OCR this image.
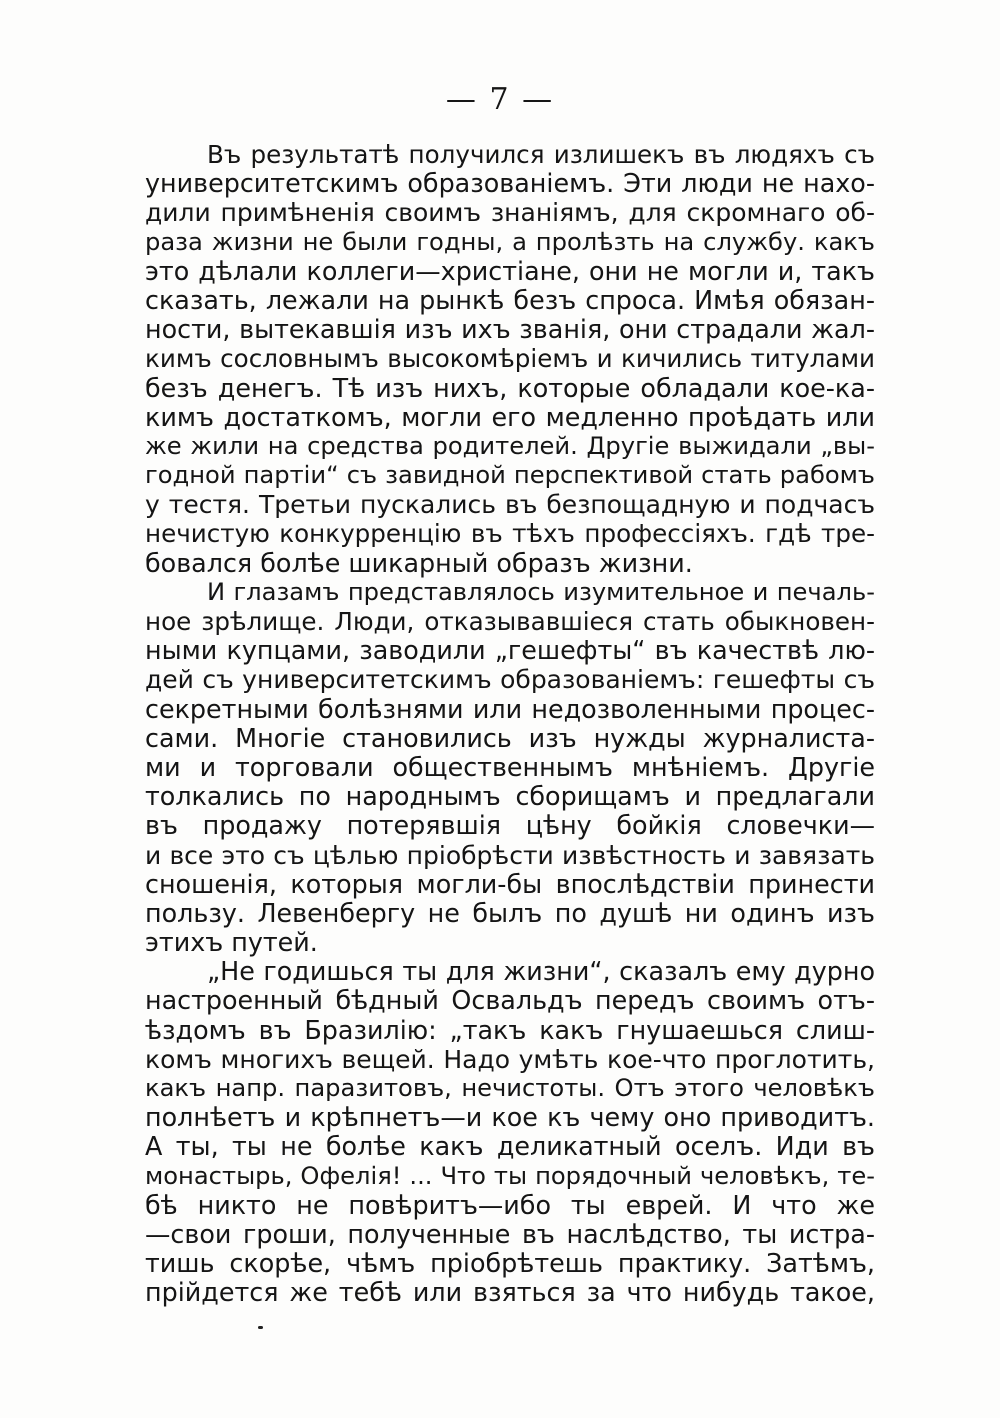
— 7 —
Въ результатѣ получился излишекъ въ людяхъ съ
университетскимъ образованіемъ. Эти люди не нахо-
дили примѣненія своимъ знаніямъ, для скромнаго об-
раза жизни не были годны, а пролѣзть на службу. какъ
это дѣлали коллеги—христіане, они не могли и, такъ
сказать, лежали на рынкѣ безъ спроса. Имѣя обязан-
ности, вытекавшія изъ ихъ званія, они страдали жал-
кимъ сословнымъ высокомѣріемъ и кичились титулами
безъ денегъ. Тѣ изъ нихъ, которые обладали кое-ка-
кимъ достаткомъ, могли его медленно проѣдать или
же жили на средства родителей. Другіе выжидали „вы-
годной партіи“ съ завидной перспективой стать рабомъ
у тестя. Третьи пускались въ безпощадную и подчасъ
нечистую конкурренцію въ тѣхъ профессіяхъ. гдѣ тре-
бовался болѣе шикарный образъ жизни.
И глазамъ представлялось изумительное и печаль-
ное зрѣлище. Люди, отказывавшіеся стать обыкновен-
ными купцами, заводили „гешефты“ въ качествѣ лю-
дей съ университетскимъ образованіемъ: гешефты съ
секретными болѣзнями или недозволенными процес-
сами. Многіе становились изъ нужды журналиста-
ми и торговали общественнымъ мнѣніемъ. Другіе
толкались по народнымъ сборищамъ и предлагали
въ продажу потерявшія цѣну бойкія словечки—
и все это съ цѣлью пріобрѣсти извѣстность и завязать
сношенія, которыя могли-бы впослѣдствіи принести
пользу. Левенбергу не былъ по душѣ ни одинъ изъ
этихъ путей.
„Не годишься ты для жизни“, сказалъ ему дурно
настроенный бѣдный Освальдъ передъ своимъ отъ-
ѣздомъ въ Бразилію: „такъ какъ гнушаешься слиш-
комъ многихъ вещей. Надо умѣть кое-что проглотить,
какъ напр. паразитовъ, нечистоты. Отъ этого человѣкъ
полнѣетъ и крѣпнетъ—и кое къ чему оно приводитъ.
А ты, ты не болѣе какъ деликатный оселъ. Иди въ
монастырь, Офелія! ... Что ты порядочный человѣкъ, те-
бѣ никто не повѣритъ—ибо ты еврей. И что же
—свои гроши, полученные въ наслѣдство, ты истра-
тишь скорѣе, чѣмъ пріобрѣтешь практику. Затѣмъ,
прійдется же тебѣ или взяться за что нибудь такое,
